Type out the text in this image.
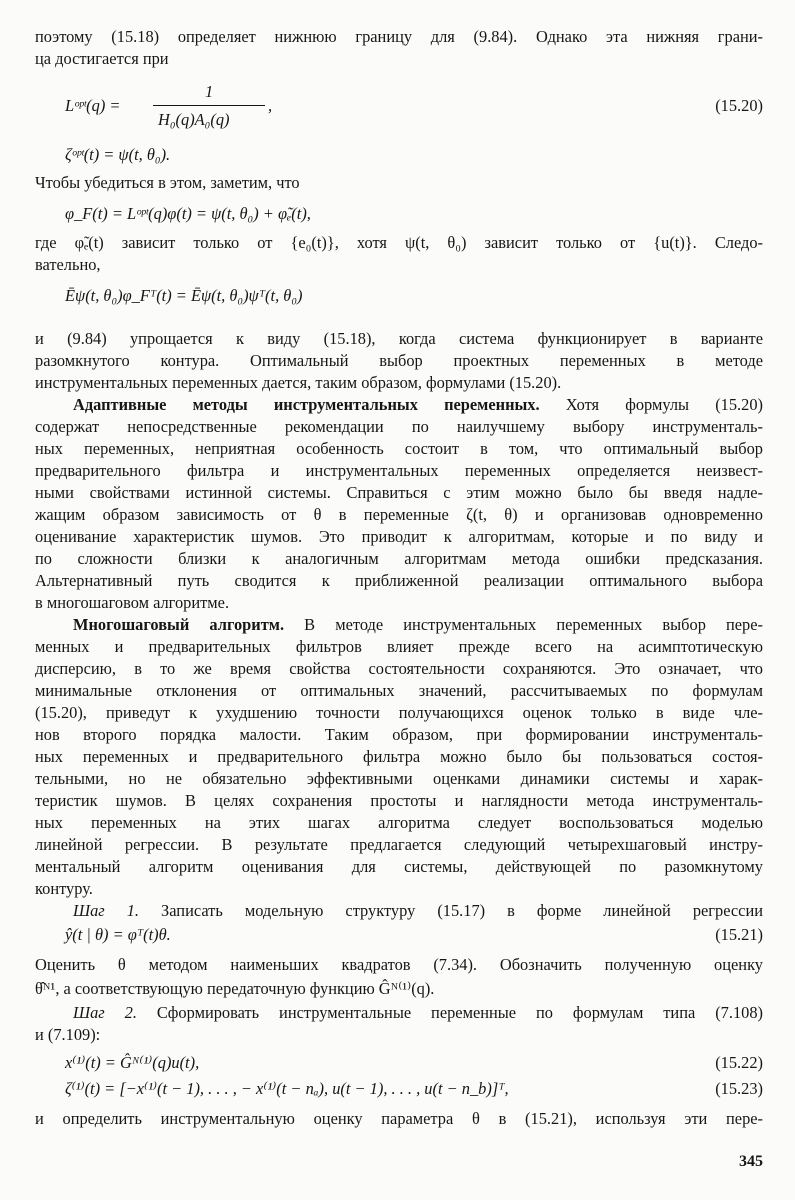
поэтому (15.18) определяет нижнюю границу для (9.84). Однако эта нижняя грани-
ца достигается при
Lᵒᵖᵗ(q) =
1
H₀(q)A₀(q)
,	(15.20)
ζᵒᵖᵗ(t) = ψ(t, θ₀).
Чтобы убедиться в этом, заметим, что
φ_F(t) = Lᵒᵖᵗ(q)φ(t) = ψ(t, θ₀) + φ̃ₑ(t),
где φ̃ₑ(t) зависит только от {e₀(t)}, хотя ψ(t, θ₀) зависит только от {u(t)}. Следо-
вательно,
Ēψ(t, θ₀)φ_Fᵀ(t) = Ēψ(t, θ₀)ψᵀ(t, θ₀)
и (9.84) упрощается к виду (15.18), когда система функционирует в варианте
разомкнутого контура. Оптимальный выбор проектных переменных в методе
инструментальных переменных дается, таким образом, формулами (15.20).
Адаптивные методы инструментальных переменных. Хотя формулы (15.20)
содержат непосредственные рекомендации по наилучшему выбору инструменталь-
ных переменных, неприятная особенность состоит в том, что оптимальный выбор
предварительного фильтра и инструментальных переменных определяется неизвест-
ными свойствами истинной системы. Справиться с этим можно было бы введя надле-
жащим образом зависимость от θ в переменные ζ(t, θ) и организовав одновременно
оценивание характеристик шумов. Это приводит к алгоритмам, которые и по виду и
по сложности близки к аналогичным алгоритмам метода ошибки предсказания.
Альтернативный путь сводится к приближенной реализации оптимального выбора
в многошаговом алгоритме.
Многошаговый алгоритм. В методе инструментальных переменных выбор пере-
менных и предварительных фильтров влияет прежде всего на асимптотическую
дисперсию, в то же время свойства состоятельности сохраняются. Это означает, что
минимальные отклонения от оптимальных значений, рассчитываемых по формулам
(15.20), приведут к ухудшению точности получающихся оценок только в виде чле-
нов второго порядка малости. Таким образом, при формировании инструменталь-
ных переменных и предварительного фильтра можно было бы пользоваться состоя-
тельными, но не обязательно эффективными оценками динамики системы и харак-
теристик шумов. В целях сохранения простоты и наглядности метода инструменталь-
ных переменных на этих шагах алгоритма следует воспользоваться моделью
линейной регрессии. В результате предлагается следующий четырехшаговый инстру-
ментальный алгоритм оценивания для системы, действующей по разомкнутому
контуру.
Шаг 1. Записать модельную структуру (15.17) в форме линейной регрессии
ŷ(t | θ) = φᵀ(t)θ.	(15.21)
Оценить θ методом наименьших квадратов (7.34). Обозначить полученную оценку
θ̂ᴺ¹, а соответствующую передаточную функцию Ĝᴺ⁽¹⁾(q).
Шаг 2. Сформировать инструментальные переменные по формулам типа (7.108)
и (7.109):
x⁽¹⁾(t) = Ĝᴺ⁽¹⁾(q)u(t),	(15.22)
ζ⁽¹⁾(t) = [−x⁽¹⁾(t − 1), . . . , − x⁽¹⁾(t − nₐ), u(t − 1), . . . , u(t − n_b)]ᵀ,	(15.23)
и определить инструментальную оценку параметра θ в (15.21), используя эти пере-
345
